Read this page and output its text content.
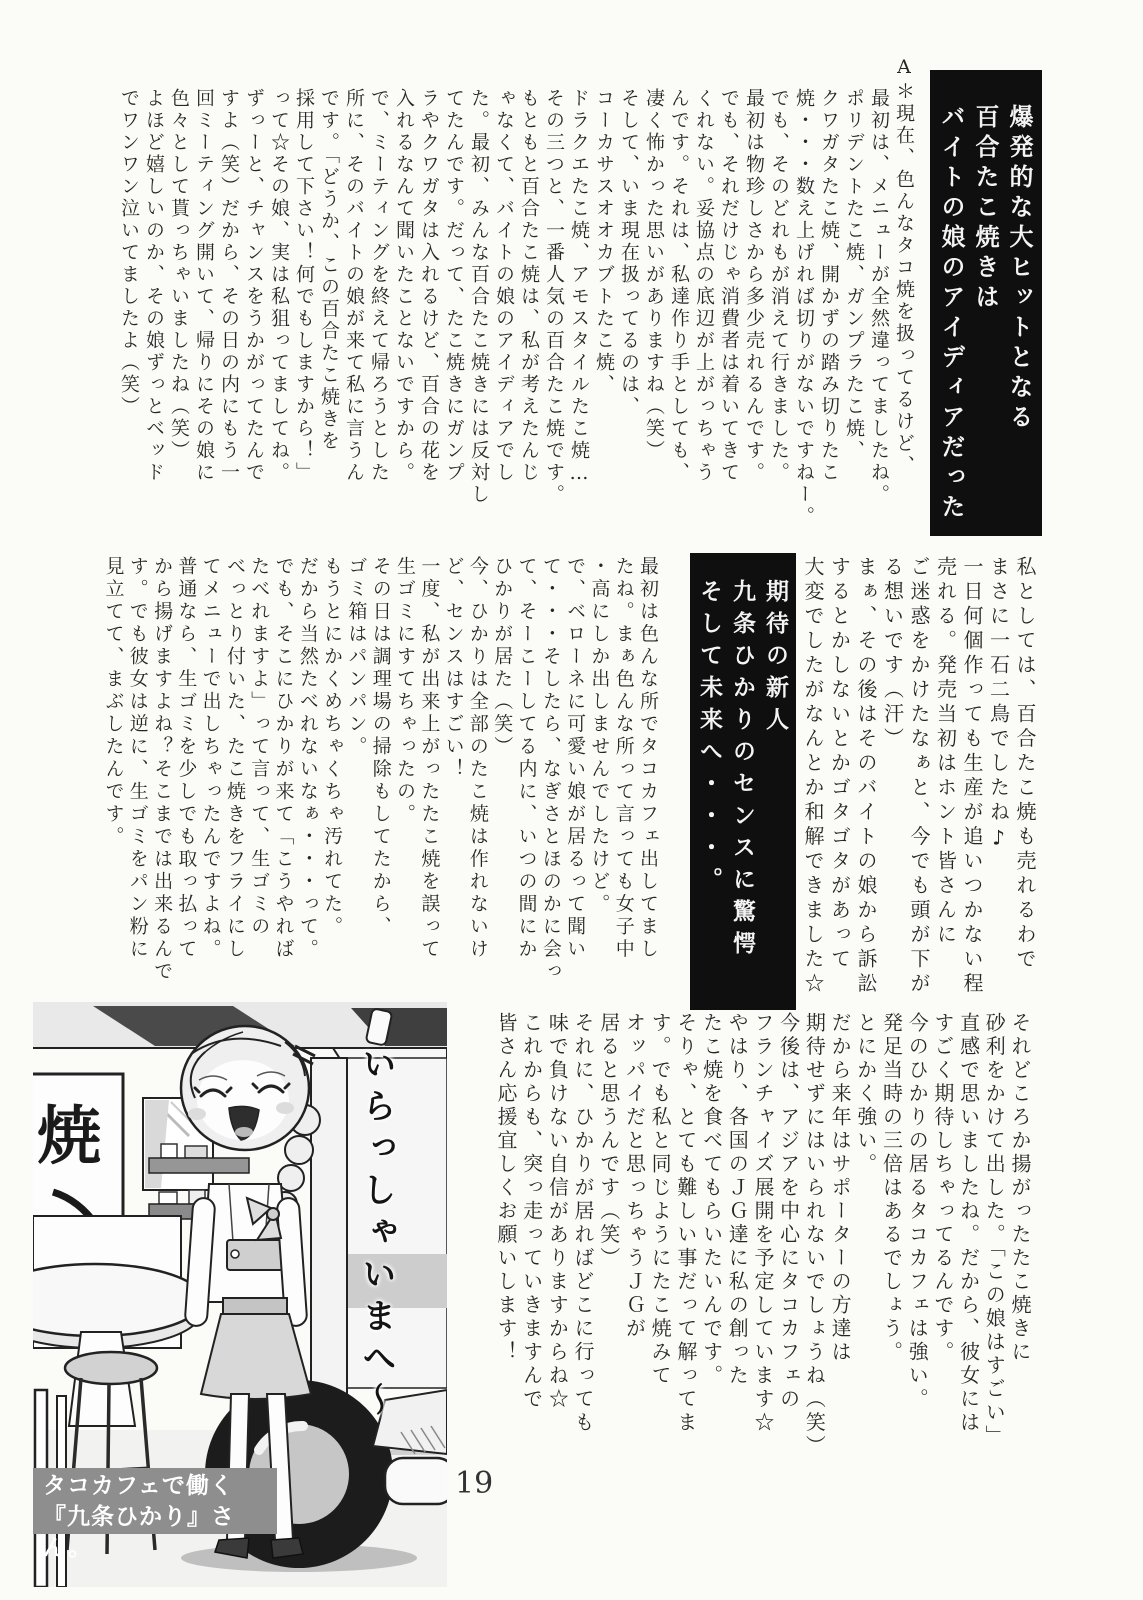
爆発的な大ヒットとなる
百合たこ焼きは
バイトの娘のアイディアだった
A＊現在、色んなタコ焼を扱ってるけど、
最初は、メニューが全然違ってましたね。
ポリデントたこ焼、ガンプラたこ焼、
クワガタたこ焼、開かずの踏み切りたこ
焼・・・数え上げれば切りがないですねー。
でも、そのどれもが消えて行きました。
最初は物珍しさから多少売れるんです。
でも、それだけじゃ消費者は着いてきて
くれない。妥協点の底辺が上がっちゃう
んです。それは、私達作り手としても、
凄く怖かった思いがありますね（笑）
そして、いま現在扱ってるのは、
コーカサスオオカブトたこ焼、
ドラクエたこ焼、アモスタイルたこ焼…
その三つと、一番人気の百合たこ焼です。
もともと百合たこ焼は、私が考えたんじ
ゃなくて、バイトの娘のアイディアでし
た。最初、みんな百合たこ焼きには反対し
てたんです。だって、たこ焼きにガンプ
ラやクワガタは入れるけど、百合の花を
入れるなんて聞いたことないですから。
で、ミーティングを終えて帰ろうとした
所に、そのバイトの娘が来て私に言うん
です。「どうか、この百合たこ焼きを
採用して下さい！何でもしますから！」
って☆その娘、実は私狙ってましてね。
ずっーと、チャンスをうかがってたんで
すよ（笑）だから、その日の内にもう一
回ミーティング開いて、帰りにその娘に
色々として貰っちゃいましたね（笑）
よほど嬉しいのか、その娘ずっとベッド
でワンワン泣いてましたよ（笑）
私としては、百合たこ焼も売れるわで
まさに一石二鳥でしたね♪
一日何個作っても生産が追いつかない程
売れる。発売当初はホント皆さんに
ご迷惑をかけたなぁと、今でも頭が下が
る想いです（汗）
まぁ、その後はそのバイトの娘から訴訟
するとかしないとかゴタゴタがあって
大変でしたがなんとか和解できました☆
期待の新人
九条ひかりのセンスに驚愕
そして未来へ・・・。
最初は色んな所でタコカフェ出してまし
たね。まぁ色んな所って言っても女子中
・高にしか出しませんでしたけど。
で、ベローネに可愛い娘が居るって聞い
て・・・そしたら、なぎさとほのかに会っ
て、そーこーしてる内に、いつの間にか
ひかりが居た（笑）
今、ひかりは全部のたこ焼は作れないけ
ど、センスはすごい！
一度、私が出来上がったたこ焼を誤って
生ゴミにすてちゃったの。
その日は調理場の掃除もしてたから、
ゴミ箱はパンパン。
もうとにかくめちゃくちゃ汚れてた。
だから当然たべれないなぁ・・・って。
でも、そこにひかりが来て「こうやれば
たべれますよ」って言って、生ゴミの
べっとり付いた、たこ焼きをフライにし
てメニューで出しちゃったんですよね。
普通なら、生ゴミを少しでも取っ払って
から揚げますよね？そこまでは出来るんで
す。でも彼女は逆に、生ゴミをパン粉に
見立てて、まぶしたんです。
それどころか揚がったたこ焼きに
砂利をかけて出した。「この娘はすごい」
直感で思いましたね。だから、彼女には
すごく期待しちゃってるんです。
今のひかりの居るタコカフェは強い。
発足当時の三倍はあるでしょう。
とにかく強い。
だから来年はサポーターの方達は
期待せずにはいられないでしょうね（笑）
今後は、アジアを中心にタコカフェの
フランチャイズ展開を予定しています☆
やはり、各国のＪＧ達に私の創った
たこ焼を食べてもらいたいんです。
そりゃ、とても難しい事だって解ってま
す。でも私と同じようにたこ焼みて
オッパイだと思っちゃうＪＧが
居ると思うんです（笑）
それに、ひかりが居ればどこに行っても
味で負けない自信がありますからね☆
これからも、突っ走っていきますんで
皆さん応援宜しくお願いします！
焼	いらっしゃいまへ〜
タコカフェで働く
『九条ひかり』さん。
19
